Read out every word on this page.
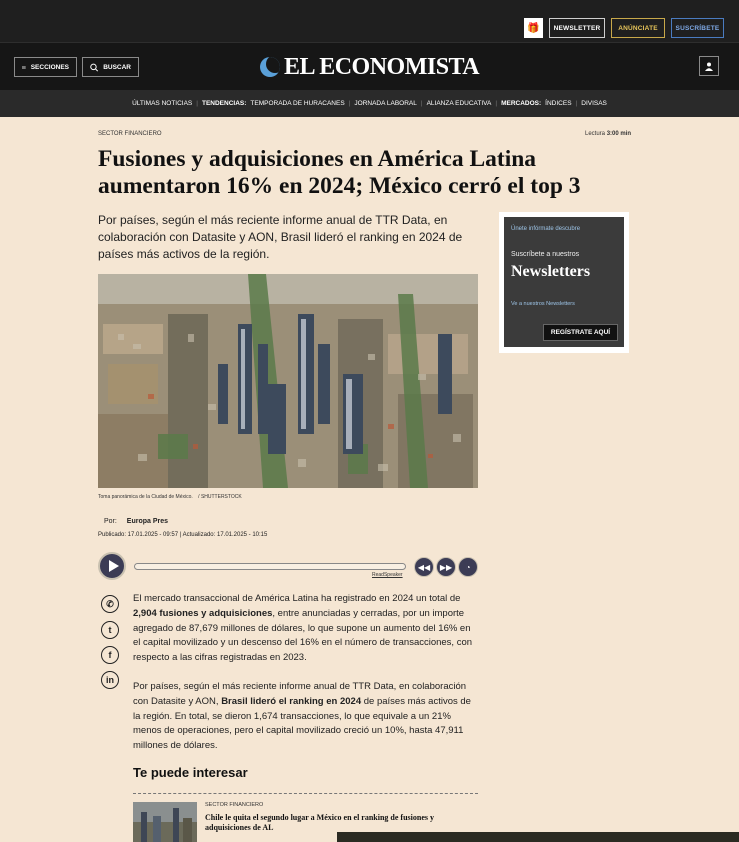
🎁	NEWSLETTER	ANÚNCIATE	SUSCRÍBETE
SECCIONES	BUSCAR	EL ECONOMISTA
ÚLTIMAS NOTICIAS | TENDENCIAS: TEMPORADA DE HURACANES | JORNADA LABORAL | ALIANZA EDUCATIVA | MERCADOS: ÍNDICES | DIVISAS
SECTOR FINANCIERO	Lectura 3:00 min
Fusiones y adquisiciones en América Latina aumentaron 16% en 2024; México cerró el top 3

Por países, según el más reciente informe anual de TTR Data, en colaboración con Datasite y AON, Brasil lideró el ranking en 2024 de países más activos de la región.

Toma panorámica de la Ciudad de México. / SHUTTERSTOCK
Únete infórmate descubre
Suscríbete a nuestros
Newsletters
Ve a nuestros Newsletters
REGÍSTRATE AQUÍ
Por: Europa Pres
Publicado: 17.01.2025 - 09:57 | Actualizado: 17.01.2025 - 10:15
ReadSpeaker
◀◀ ▶▶ ◔
✆
t
f
in

El mercado transaccional de América Latina ha registrado en 2024 un total de 2,904 fusiones y adquisiciones, entre anunciadas y cerradas, por un importe agregado de 87,679 millones de dólares, lo que supone un aumento del 16% en el capital movilizado y un descenso del 16% en el número de transacciones, con respecto a las cifras registradas en 2023.

Por países, según el más reciente informe anual de TTR Data, en colaboración con Datasite y AON, Brasil lideró el ranking en 2024 de países más activos de la región. En total, se dieron 1,674 transacciones, lo que equivale a un 21% menos de operaciones, pero el capital movilizado creció un 10%, hasta 47,911 millones de dólares.

Te puede interesar
SECTOR FINANCIERO
Chile le quita el segundo lugar a México en el ranking de fusiones y adquisiciones de AL
